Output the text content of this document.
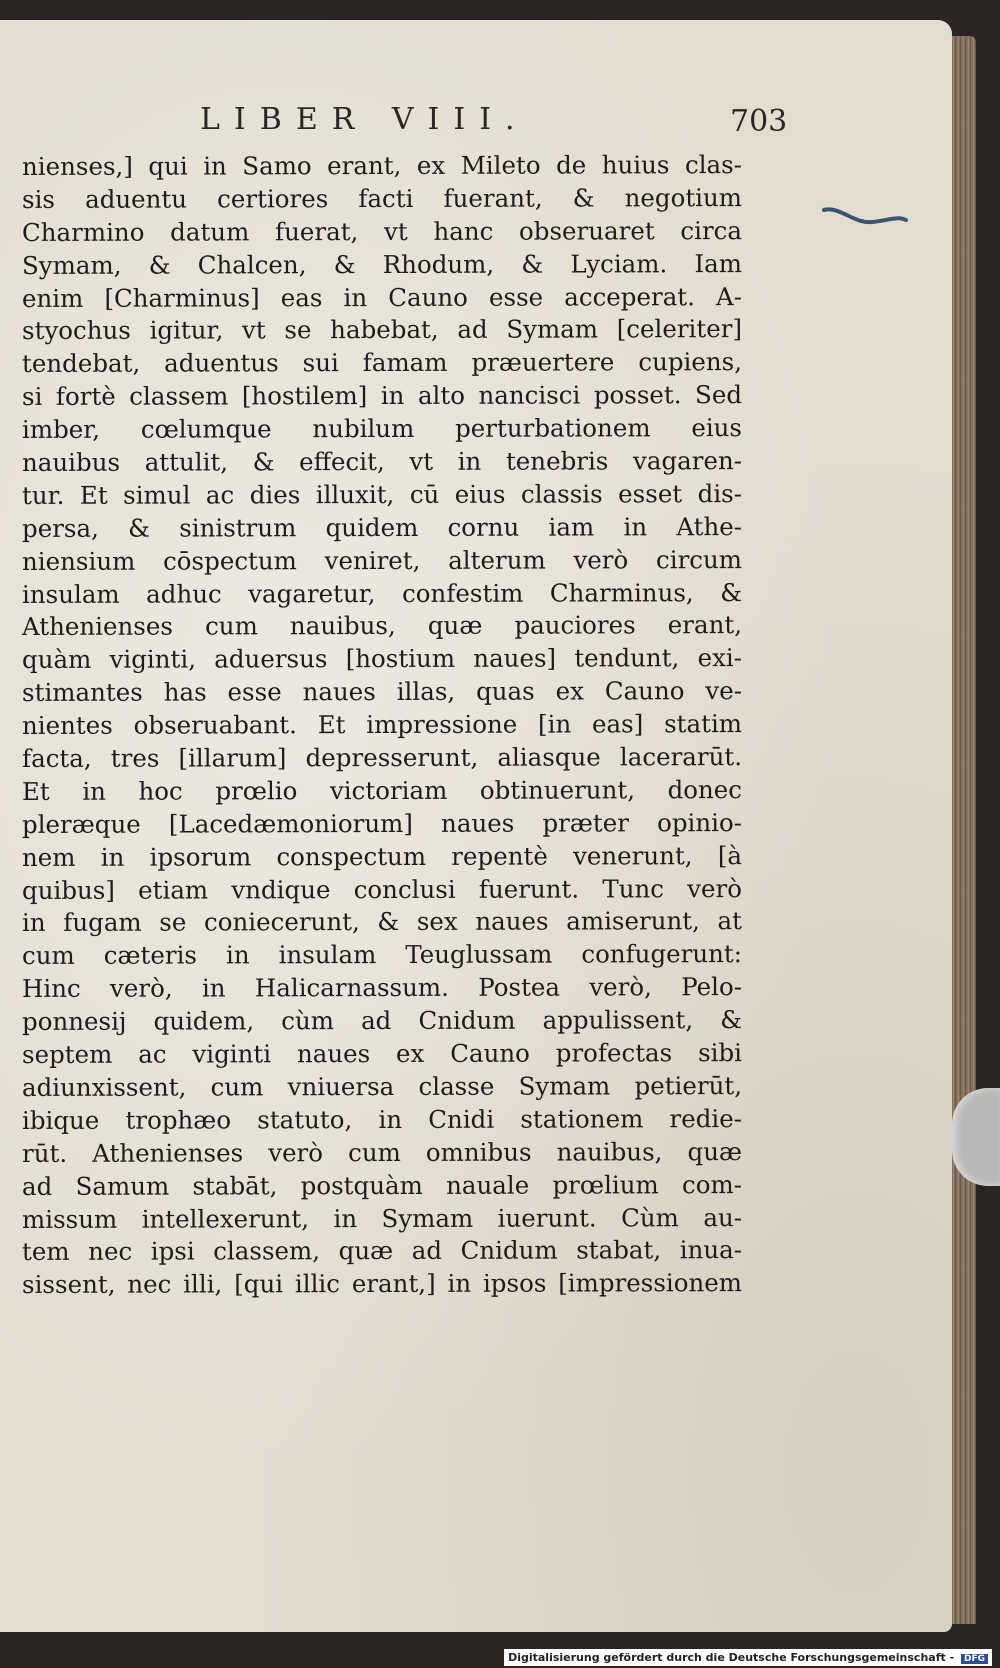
LIBER VIII.	703
nienses,] qui in Samo erant, ex Mileto de huius clas-
sis aduentu certiores facti fuerant, & negotium
Charmino datum fuerat, vt hanc obseruaret circa
Symam, & Chalcen, & Rhodum, & Lyciam. Iam
enim [Charminus] eas in Cauno esse acceperat. A-
styochus igitur, vt se habebat, ad Symam [celeriter]
tendebat, aduentus sui famam præuertere cupiens,
si fortè classem [hostilem] in alto nancisci posset. Sed
imber, cœlumque nubilum perturbationem eius
nauibus attulit, & effecit, vt in tenebris vagaren-
tur. Et simul ac dies illuxit, cū eius classis esset dis-
persa, & sinistrum quidem cornu iam in Athe-
niensium cōspectum veniret, alterum verò circum
insulam adhuc vagaretur, confestim Charminus, &
Athenienses cum nauibus, quæ pauciores erant,
quàm viginti, aduersus [hostium naues] tendunt, exi-
stimantes has esse naues illas, quas ex Cauno ve-
nientes obseruabant. Et impressione [in eas] statim
facta, tres [illarum] depresserunt, aliasque lacerarūt.
Et in hoc prœlio victoriam obtinuerunt, donec
pleræque [Lacedæmoniorum] naues præter opinio-
nem in ipsorum conspectum repentè venerunt, [à
quibus] etiam vndique conclusi fuerunt. Tunc verò
in fugam se coniecerunt, & sex naues amiserunt, at
cum cæteris in insulam Teuglussam confugerunt:
Hinc verò, in Halicarnassum. Postea verò, Pelo-
ponnesij quidem, cùm ad Cnidum appulissent, &
septem ac viginti naues ex Cauno profectas sibi
adiunxissent, cum vniuersa classe Symam petierūt,
ibique trophæo statuto, in Cnidi stationem redie-
rūt. Athenienses verò cum omnibus nauibus, quæ
ad Samum stabāt, postquàm nauale prœlium com-
missum intellexerunt, in Symam iuerunt. Cùm au-
tem nec ipsi classem, quæ ad Cnidum stabat, inua-
sissent, nec illi, [qui illic erant,] in ipsos [impressionem
Digitalisierung gefördert durch die Deutsche Forschungsgemeinschaft - DFG
